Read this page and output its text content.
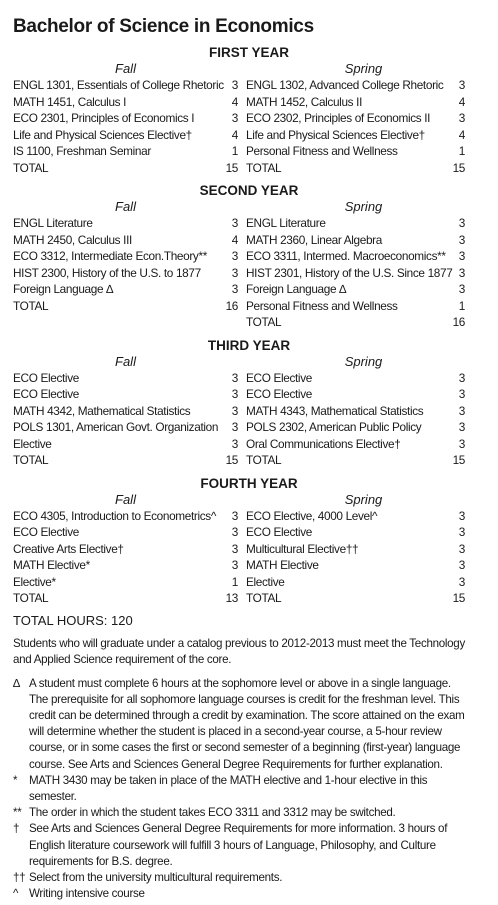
Bachelor of Science in Economics
FIRST YEAR
Fall	Spring
ENGL 1301, Essentials of College Rhetoric 3
MATH 1451, Calculus I	4
ECO 2301, Principles of Economics I	3
Life and Physical Sciences Elective†	4
IS 1100, Freshman Seminar	1
TOTAL	15
ENGL 1302, Advanced College Rhetoric	3
MATH 1452, Calculus II	4
ECO 2302, Principles of Economics II	3
Life and Physical Sciences Elective†	4
Personal Fitness and Wellness	1
TOTAL	15
SECOND YEAR
Fall	Spring
ENGL Literature	3
MATH 2450, Calculus III	4
ECO 3312, Intermediate Econ.Theory**	3
HIST 2300, History of the U.S. to 1877	3
Foreign Language ∆	3
TOTAL	16
ENGL Literature	3
MATH 2360, Linear Algebra	3
ECO 3311, Intermed. Macroeconomics**	3
HIST 2301, History of the U.S. Since 1877 3
Foreign Language ∆	3
Personal Fitness and Wellness	1
TOTAL	16
THIRD YEAR
Fall	Spring
ECO Elective	3
ECO Elective	3
MATH 4342, Mathematical Statistics	3
POLS 1301, American Govt. Organization	3
Elective	3
TOTAL	15
ECO Elective	3
ECO Elective	3
MATH 4343, Mathematical Statistics	3
POLS 2302, American Public Policy	3
Oral Communications Elective†	3
TOTAL	15
FOURTH YEAR
Fall	Spring
ECO 4305, Introduction to Econometrics^	3
ECO Elective	3
Creative Arts Elective†	3
MATH Elective*	3
Elective*	1
TOTAL	13
ECO Elective, 4000 Level^	3
ECO Elective	3
Multicultural Elective††	3
MATH Elective	3
Elective	3
TOTAL	15
TOTAL HOURS: 120
Students who will graduate under a catalog previous to 2012-2013 must meet the Technology and Applied Science requirement of the core.
∆ A student must complete 6 hours at the sophomore level or above in a single language. The prerequisite for all sophomore language courses is credit for the freshman level. This credit can be determined through a credit by examination. The score attained on the exam will determine whether the student is placed in a second-year course, a 5-hour review course, or in some cases the first or second semester of a beginning (first-year) language course. See Arts and Sciences General Degree Requirements for further explanation.
*	MATH 3430 may be taken in place of the MATH elective and 1-hour elective in this semester.
** The order in which the student takes ECO 3311 and 3312 may be switched.
† See Arts and Sciences General Degree Requirements for more information. 3 hours of English literature coursework will fulfill 3 hours of Language, Philosophy, and Culture requirements for B.S. degree.
†† Select from the university multicultural requirements.
^ Writing intensive course
